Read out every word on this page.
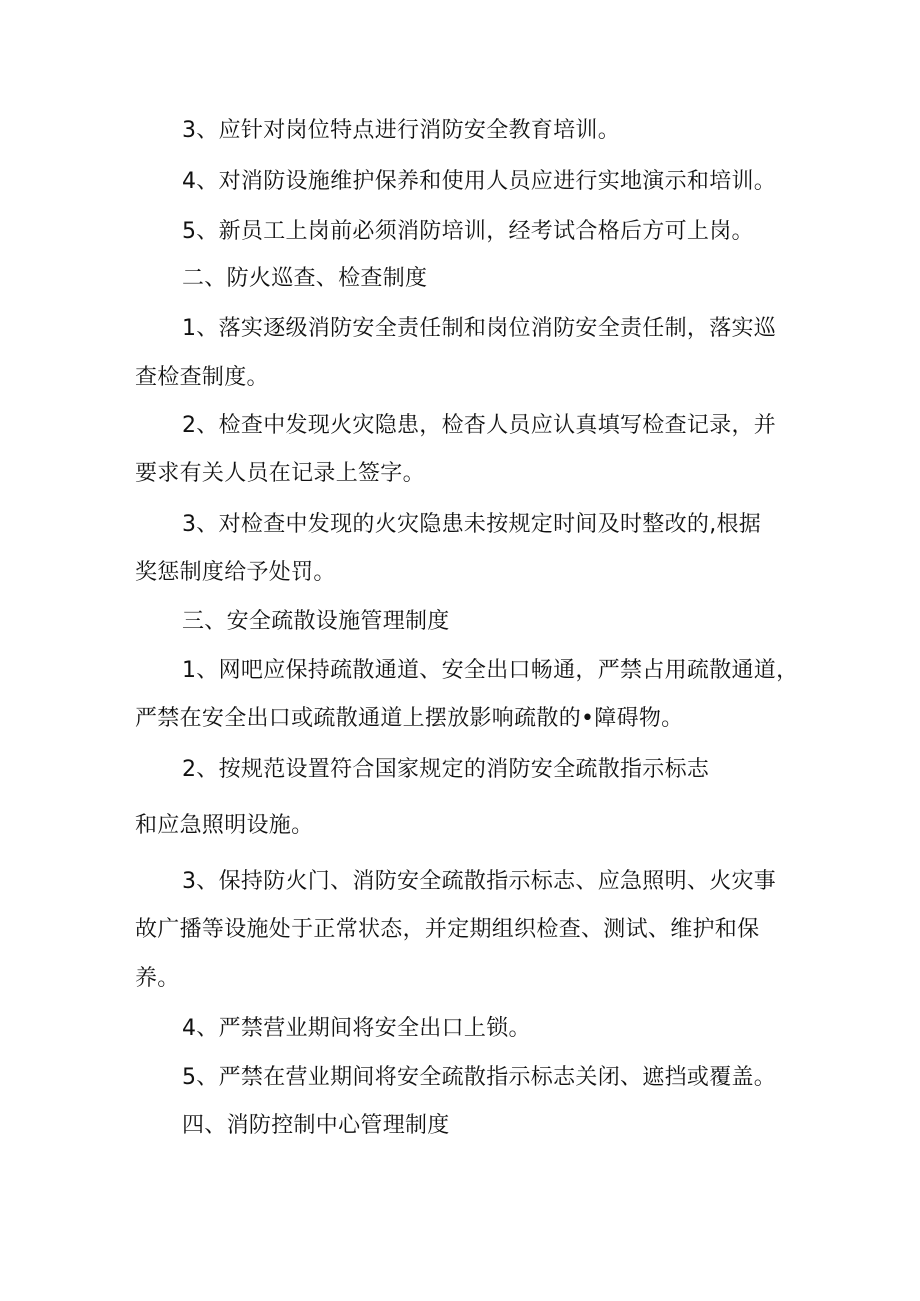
3、应针对岗位特点进行消防安全教育培训。
4、对消防设施维护保养和使用人员应进行实地演示和培训。
5、新员工上岗前必须消防培训，经考试合格后方可上岗。
二、防火巡查、检查制度
1、落实逐级消防安全责任制和岗位消防安全责任制，落实巡
查检查制度。
2、检查中发现火灾隐患，检杳人员应认真填写检查记录，并
要求有关人员在记录上签字。
3、对检查中发现的火灾隐患未按规定时间及时整改的,根据
奖惩制度给予处罚。
三、安全疏散设施管理制度
1、网吧应保持疏散通道、安全出口畅通，严禁占用疏散通道，
严禁在安全出口或疏散通道上摆放影响疏散的•障碍物。
2、按规范设置符合国家规定的消防安全疏散指示标志
和应急照明设施。
3、保持防火门、消防安全疏散指示标志、应急照明、火灾事
故广播等设施处于正常状态，并定期组织检查、测试、维护和保
养。
4、严禁营业期间将安全出口上锁。
5、严禁在营业期间将安全疏散指示标志关闭、遮挡或覆盖。
四、消防控制中心管理制度
